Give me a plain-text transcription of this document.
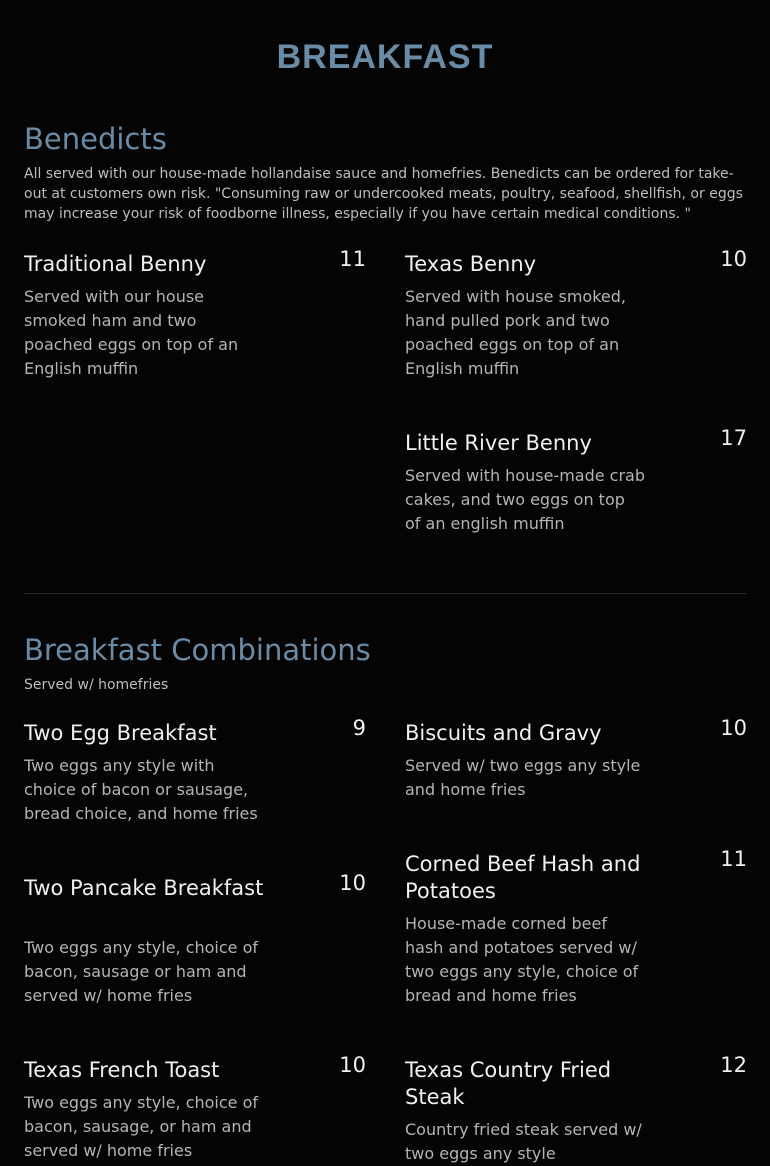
BREAKFAST
Benedicts
All served with our house-made hollandaise sauce and homefries. Benedicts can be ordered for take-out at customers own risk. "Consuming raw or undercooked meats, poultry, seafood, shellfish, or eggs may increase your risk of foodborne illness, especially if you have certain medical conditions. "
Traditional Benny	11
Served with our house smoked ham and two poached eggs on top of an English muffin
Texas Benny	10
Served with house smoked, hand pulled pork and two poached eggs on top of an English muffin
Little River Benny	17
Served with house-made crab cakes, and two eggs on top of an english muffin
Breakfast Combinations
Served w/ homefries
Two Egg Breakfast	9
Two eggs any style with choice of bacon or sausage, bread choice, and home fries
Biscuits and Gravy	10
Served w/ two eggs any style and home fries
Corned Beef Hash and Potatoes
11
House-made corned beef hash and potatoes served w/ two eggs any style, choice of bread and home fries
Two Pancake Breakfast	10
Two eggs any style, choice of bacon, sausage or ham and served w/ home fries
Texas French Toast	10
Two eggs any style, choice of bacon, sausage, or ham and served w/ home fries
Texas Country Fried Steak
12
Country fried steak served w/ two eggs any style
